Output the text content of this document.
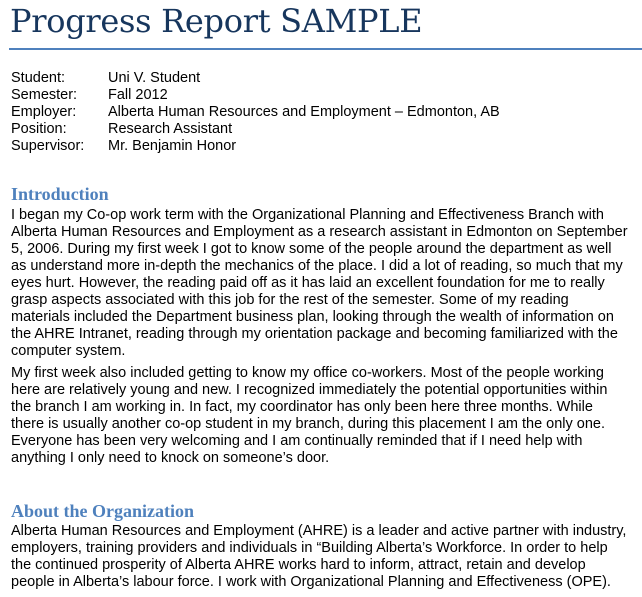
Progress Report SAMPLE
Student:	Uni V. Student
Semester:	Fall 2012
Employer:	Alberta Human Resources and Employment – Edmonton, AB
Position:	Research Assistant
Supervisor:	Mr. Benjamin Honor
Introduction
I began my Co-op work term with the Organizational Planning and Effectiveness Branch with
Alberta Human Resources and Employment as a research assistant in Edmonton on September
5, 2006. During my first week I got to know some of the people around the department as well
as understand more in-depth the mechanics of the place. I did a lot of reading, so much that my
eyes hurt. However, the reading paid off as it has laid an excellent foundation for me to really
grasp aspects associated with this job for the rest of the semester. Some of my reading
materials included the Department business plan, looking through the wealth of information on
the AHRE Intranet, reading through my orientation package and becoming familiarized with the
computer system.
My first week also included getting to know my office co-workers. Most of the people working
here are relatively young and new. I recognized immediately the potential opportunities within
the branch I am working in. In fact, my coordinator has only been here three months. While
there is usually another co-op student in my branch, during this placement I am the only one.
Everyone has been very welcoming and I am continually reminded that if I need help with
anything I only need to knock on someone’s door.
About the Organization
Alberta Human Resources and Employment (AHRE) is a leader and active partner with industry,
employers, training providers and individuals in “Building Alberta’s Workforce. In order to help
the continued prosperity of Alberta AHRE works hard to inform, attract, retain and develop
people in Alberta’s labour force. I work with Organizational Planning and Effectiveness (OPE).
